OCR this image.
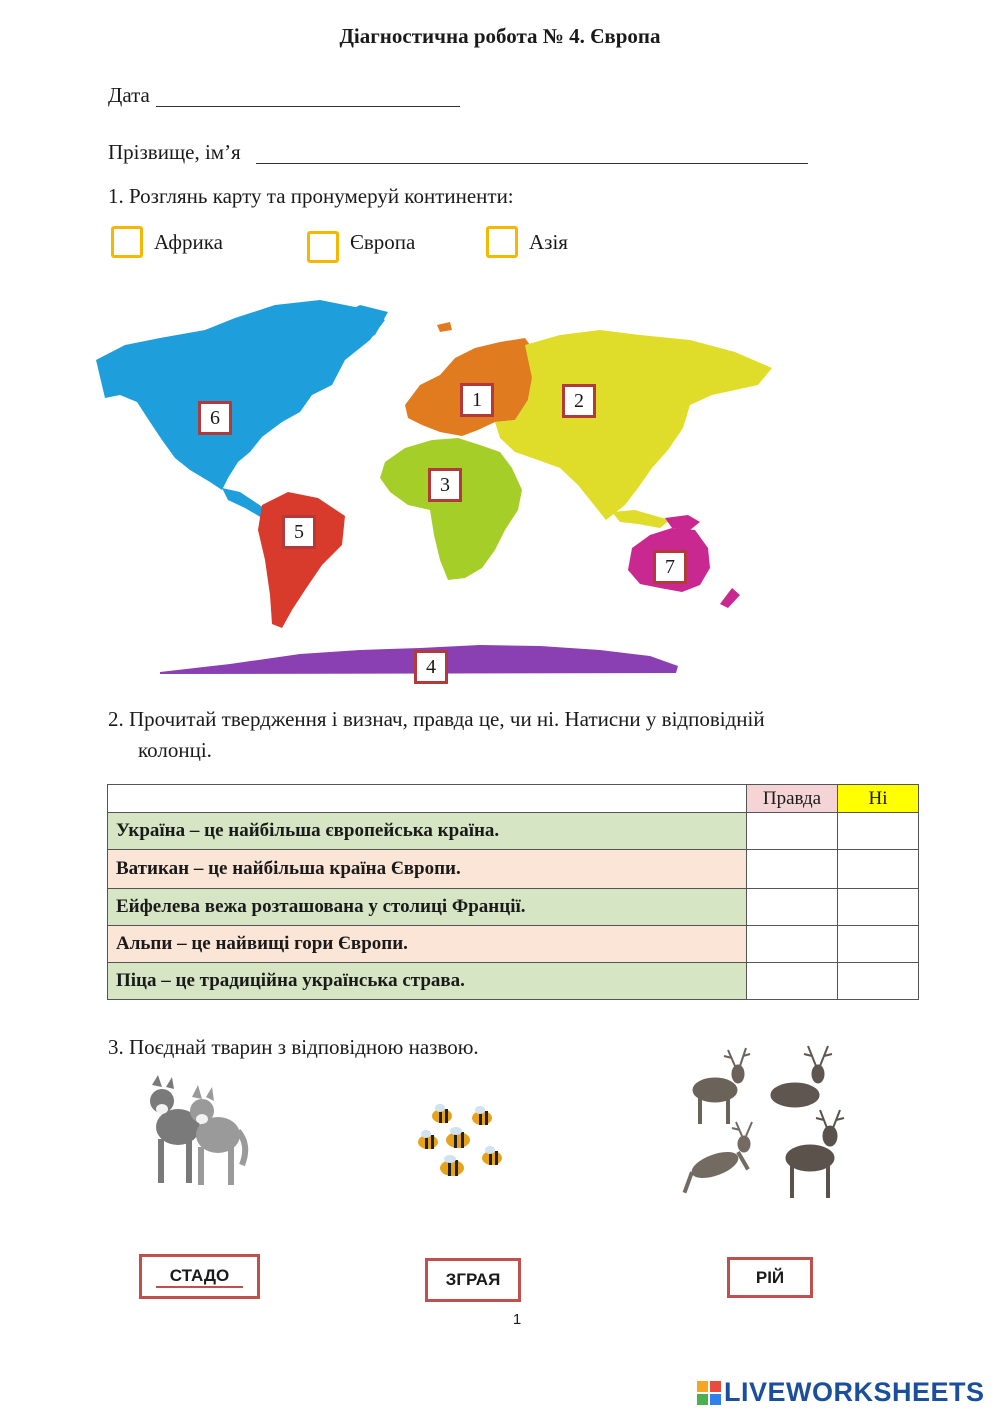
Діагностична робота № 4. Європа
Дата
Прізвище, ім’я
1. Розглянь карту та пронумеруй континенти:
Африка	Європа	Азія
1	2
3
4
5
6
7
2. Прочитай твердження і визнач, правда це, чи ні. Натисни у відповідній
колонці.
	Правда	Ні
Україна – це найбільша європейська країна.		
Ватикан – це найбільша країна Європи.		
Ейфелева вежа розташована у столиці Франції.		
Альпи – це найвищі гори Європи.		
Піца – це традиційна українська страва.		
3. Поєднай тварин з відповідною назвою.
СТАДО	ЗГРАЯ	РІЙ
1
LIVEWORKSHEETS
